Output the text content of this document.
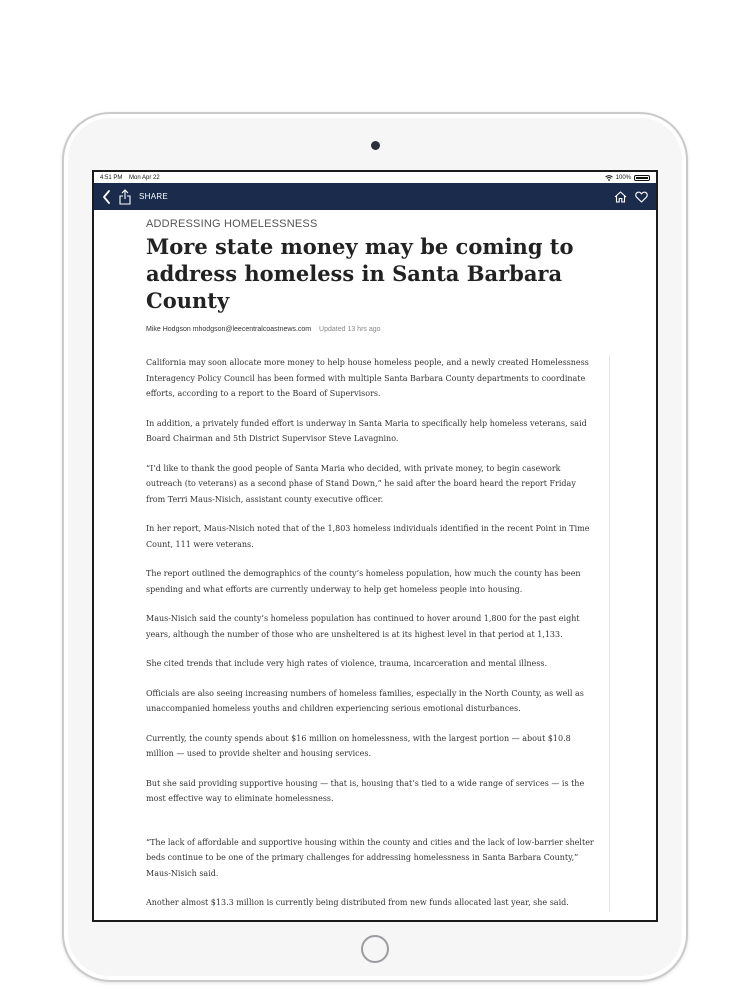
4:51 PM Mon Apr 22	100%
SHARE
ADDRESSING HOMELESSNESS
More state money may be coming to address homeless in Santa Barbara County
Mike Hodgson mhodgson@leecentralcoastnews.com Updated 13 hrs ago

California may soon allocate more money to help house homeless people, and a newly created Homelessness Interagency Policy Council has been formed with multiple Santa Barbara County departments to coordinate efforts, according to a report to the Board of Supervisors.

In addition, a privately funded effort is underway in Santa Maria to specifically help homeless veterans, said Board Chairman and 5th District Supervisor Steve Lavagnino.

“I’d like to thank the good people of Santa Maria who decided, with private money, to begin casework outreach (to veterans) as a second phase of Stand Down,” he said after the board heard the report Friday from Terri Maus-Nisich, assistant county executive officer.

In her report, Maus-Nisich noted that of the 1,803 homeless individuals identified in the recent Point in Time Count, 111 were veterans.

The report outlined the demographics of the county’s homeless population, how much the county has been spending and what efforts are currently underway to help get homeless people into housing.

Maus-Nisich said the county’s homeless population has continued to hover around 1,800 for the past eight years, although the number of those who are unsheltered is at its highest level in that period at 1,133.

She cited trends that include very high rates of violence, trauma, incarceration and mental illness.

Officials are also seeing increasing numbers of homeless families, especially in the North County, as well as unaccompanied homeless youths and children experiencing serious emotional disturbances.

Currently, the county spends about $16 million on homelessness, with the largest portion — about $10.8 million — used to provide shelter and housing services.

But she said providing supportive housing — that is, housing that’s tied to a wide range of services — is the most effective way to eliminate homelessness.

“The lack of affordable and supportive housing within the county and cities and the lack of low-barrier shelter beds continue to be one of the primary challenges for addressing homelessness in Santa Barbara County,” Maus-Nisich said.

Another almost $13.3 million is currently being distributed from new funds allocated last year, she said.
